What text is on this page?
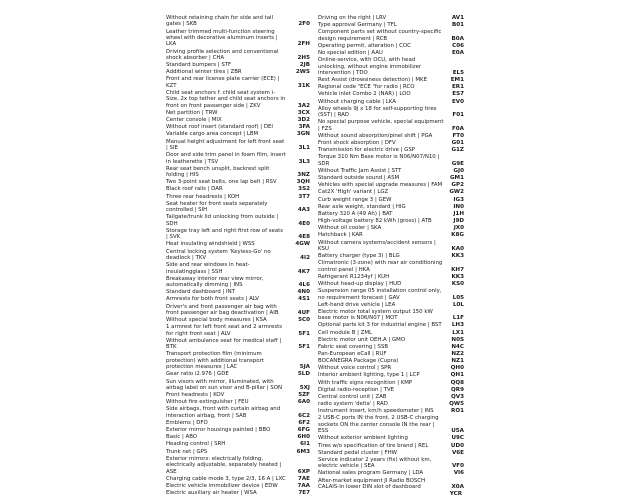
Without retaining chain for side and tail gates | SKB	2F0
Leather trimmed multi-function steering wheel with decorative aluminum inserts | LKA	2FH
Driving profile selection and conventional shock absorber | CHA	2H5
Standard bumpers | STF	2JB
Additional winter tires | ZBR	2WS
Front and rear license plate carrier (ECE) | KZT	31K
Child seat anchors f. child seat system i-Size, 2x top tether and child seat anchors in front on front passenger side | ZKV	3A2
Net partition | TRW	3CX
Center console | MIX	3D2
Without roof insert (standard roof) | DEI	3FA
Variable cargo area concept | LBM	3GN
Manual height adjustment for left front seat | SIE	3L1
Door and side trim panel in foam film, insert in leatherette | TSV	3L3
Rear seat bench unsplit, backrest split folding | HIS	3NZ
Two 3-point seat belts, one lap belt | RSV	3QH
Black roof rails | DAR	3S2
Three rear headrests | KOH	3T7
Seat heater for front seats separately controlled | SIH	4A3
Tailgate/trunk lid unlocking from outside | SDH	4E0
Storage tray left and right first row of seats | SVK	4E8
Heat insulating windshield | WSS	4GW
Central locking system 'Keyless-Go' no deadlock | TKV	4I2
Side and rear windows in heat-insulatingglass | SSH	4K7
Breakaway interior rear view mirror, automatically dimming | INS	4L6
Standard dashboard | INT	4N0
Armrests for both front seats | ALV	4S1
Driver's and front passenger air bag with front passenger air bag deactivation | AIB	4UF
Without special body measures | KSA	5C0
1 armrest for left front seat and 2 armrests for right front seat | ALV	5F1
Without ambulance seat for medical staff | BTK	5F1
Transport protection film (minimum protection) with additional transport protection measures | LAC	5JA
Gear ratio i2.976 | GDE	5LD
Sun visors with mirror, illuminated, with airbag label on sun visor and B-pillar | SON	5XJ
Front headrests | KOV	5ZF
Without fire extinguisher | FEU	6A0
Side airbags, front with curtain airbag and interaction airbag, front | SAB	6C2
Emblems | DFO	6F2
Exterior mirror housings painted | BBO	6FG
Basic | ABO	6H0
Heading control | SRH	6I1
Trunk net | GPS	6M3
Exterior mirrors: electrically folding, electrically adjustable, separately heated | ASE	6XP
Charging cable mode 3, type 2/3, 16 A | LXC 7AE
Electric vehicle immobilizer device | EDW	7AA
Electric auxiliary air heater | WSA	7E7
Driving on the right | LRV	AV1
Type approval Germany | TFL	B01
Component parts set without country-specific design requirement | RCB	B0A
Operating permit, alteration | COC	C06
No special edition | AAU	E0A
Online-service, with OCU, with head unlocking, without engine immobilizer intervention | TDO	EL5
Rest Assist (drowsiness detection) | MKE	EM1
Regional code "ECE "for radio | RCO	ER1
Vehicle inlet Combo 2 (NAR) | LOO	ES7
Without charging cable | LKA	EV0
Alloy wheels 9J x 18 for self-supporting tires (SST) | RAD	F01
No special purpose vehicle, special equipment | FZS	F0A
Without sound absorption/pinel shift | PGA	FT0
Front shock absorption | DFV	G01
Transmission for electric drive | GSP	G1Z
Torque 310 Nm Base motor is N06/N07/N10 | SDR	G9E
Without Traffic Jam Assist | STT	GJ0
Standard outside sound | ASM	GM1
Vehicles with special upgrade measures | FAM	GP2
Cat2X 'High' variant | LGZ	GW2
Curb weight range 3 | GEW	IG3
Rear axle weight, standard | HIG	IN0
Battery 320 A (49 Ah) | BAT	J1H
High-voltage battery 82 kWh (gross) | ATB	J9D
Without oil cooler | SKA	JX0
Hatchback | KAR	K8G
Without camera systems/accident sensors | KSU	KA0
Battery charger (type 3) | BLG	KK3
Climatronic (3-zone) with rear air conditioning control panel | HKA	KH7
Refrigerant R1234yf | KUH	KK3
Without head-up display | HUD	KS0
Suspension range 05 installation control only, no requirement forecast | GAV	L05
Left-hand drive vehicle | LEA	L0L
Electric motor total system output 150 kW base motor is N06/N07 | MOT	L1F
Optional parts kit 3 for industrial engine | BST	LH3
Cell module B | ZML	LX1
Electric motor unit OEH.A | GMO	N0S
Fabric seat covering | SSB	N4C
Pan-European eCall | RUF	NZ2
BOCANEGRA Package (Cupra)	NZ1
Without voice control | SPR	QH0
Interior ambient lighting, type 1 | LCP	QH1
With traffic signs recognition | KMP	QQ8
Digital radio-reception | TVE	QR9
Central control unit | ZAB	QV3
radio system 'delta' | RAD	QW5
Instrument insert, km/h speedometer | INS	RO1
2 USB-C ports IN the front, 2 USB-C charging sockets ON the center console IN the rear | ESS	U5A
Without exterior ambient lighting	U9C
Tires w/o specification of tire brand | REL	UD0
Standard pedal cluster | FHW	V6E
Service indicator 2 years (fix) without km, electric vehicle | SEA	VF0
National sales program Germany | LDA	VI6
After-market equipment JI Radio BOSCH CALAIS-In lower DIN slot of dashboard	X0A
YCR
